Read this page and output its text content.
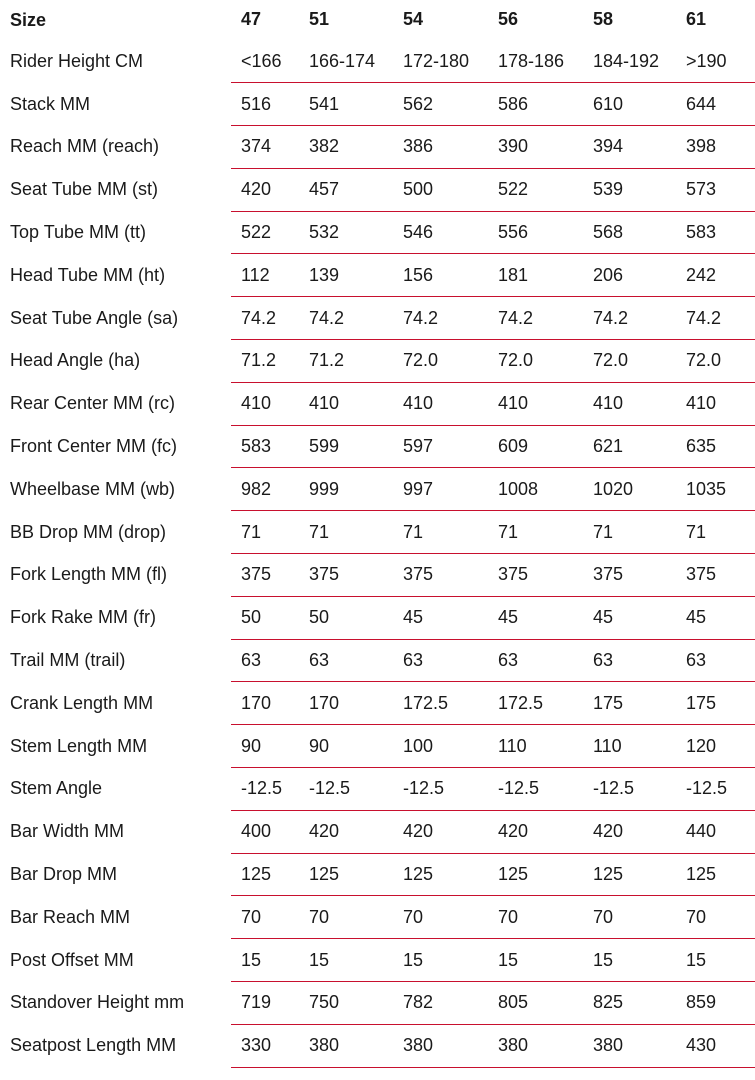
Size	47	51	54	56	58	61
Rider Height CM	<166	166-174	172-180	178-186	184-192	>190
Stack MM	516	541	562	586	610	644
Reach MM (reach)	374	382	386	390	394	398
Seat Tube MM (st)	420	457	500	522	539	573
Top Tube MM (tt)	522	532	546	556	568	583
Head Tube MM (ht)	112	139	156	181	206	242
Seat Tube Angle (sa)	74.2	74.2	74.2	74.2	74.2	74.2
Head Angle (ha)	71.2	71.2	72.0	72.0	72.0	72.0
Rear Center MM (rc)	410	410	410	410	410	410
Front Center MM (fc)	583	599	597	609	621	635
Wheelbase MM (wb)	982	999	997	1008	1020	1035
BB Drop MM (drop)	71	71	71	71	71	71
Fork Length MM (fl)	375	375	375	375	375	375
Fork Rake MM (fr)	50	50	45	45	45	45
Trail MM (trail)	63	63	63	63	63	63
Crank Length MM	170	170	172.5	172.5	175	175
Stem Length MM	90	90	100	110	110	120
Stem Angle	-12.5	-12.5	-12.5	-12.5	-12.5	-12.5
Bar Width MM	400	420	420	420	420	440
Bar Drop MM	125	125	125	125	125	125
Bar Reach MM	70	70	70	70	70	70
Post Offset MM	15	15	15	15	15	15
Standover Height mm	719	750	782	805	825	859
Seatpost Length MM	330	380	380	380	380	430
